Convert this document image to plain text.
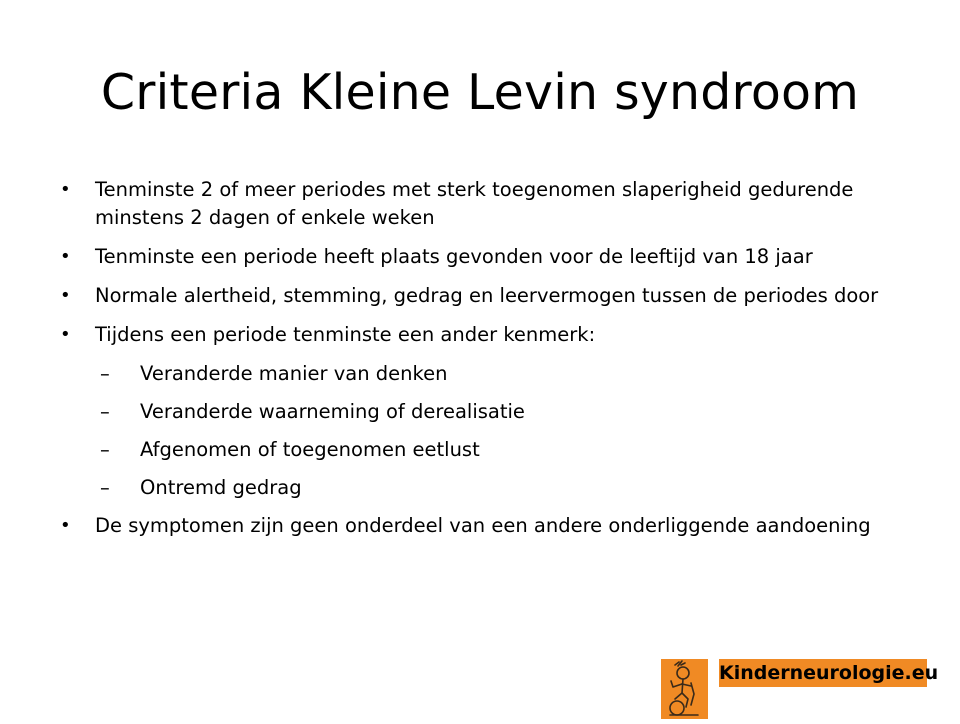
Criteria Kleine Levin syndroom

•	Tenminste 2 of meer periodes met sterk toegenomen slaperigheid gedurende minstens 2 dagen of enkele weken

•	Tenminste een periode heeft plaats gevonden voor de leeftijd van 18 jaar

•	Normale alertheid, stemming, gedrag en leervermogen tussen de periodes door

•	Tijdens een periode tenminste een ander kenmerk:

–	Veranderde manier van denken

–	Veranderde waarneming of derealisatie

–	Afgenomen of toegenomen eetlust

–	Ontremd gedrag

•	De symptomen zijn geen onderdeel van een andere onderliggende aandoening

Kinderneurologie.eu
